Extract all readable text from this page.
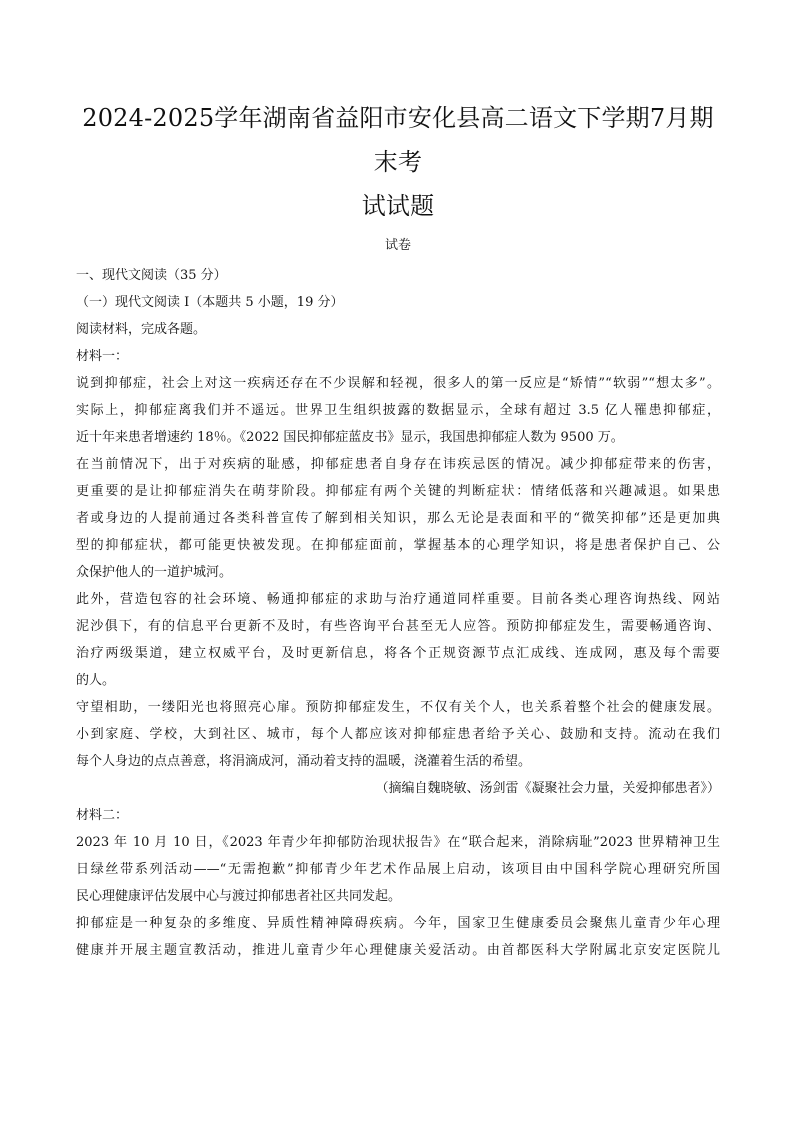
2024-2025学年湖南省益阳市安化县高二语文下学期7月期末考
试试题
试卷
一、现代文阅读（35 分）
（一）现代文阅读 I（本题共 5 小题，19 分）
阅读材料，完成各题。
材料一：
说到抑郁症，社会上对这一疾病还存在不少误解和轻视，很多人的第一反应是“矫情”“软弱”“想太多”。
实际上，抑郁症离我们并不遥远。世界卫生组织披露的数据显示，全球有超过 3.5 亿人罹患抑郁症，
近十年来患者增速约 18％。《2022 国民抑郁症蓝皮书》显示，我国患抑郁症人数为 9500 万。
在当前情况下，出于对疾病的耻感，抑郁症患者自身存在讳疾忌医的情况。减少抑郁症带来的伤害，
更重要的是让抑郁症消失在萌芽阶段。抑郁症有两个关键的判断症状：情绪低落和兴趣减退。如果患
者或身边的人提前通过各类科普宣传了解到相关知识，那么无论是表面和平的“微笑抑郁”还是更加典
型的抑郁症状，都可能更快被发现。在抑郁症面前，掌握基本的心理学知识，将是患者保护自己、公
众保护他人的一道护城河。
此外，营造包容的社会环境、畅通抑郁症的求助与治疗通道同样重要。目前各类心理咨询热线、网站
泥沙俱下，有的信息平台更新不及时，有些咨询平台甚至无人应答。预防抑郁症发生，需要畅通咨询、
治疗两级渠道，建立权威平台，及时更新信息，将各个正规资源节点汇成线、连成网，惠及每个需要
的人。
守望相助，一缕阳光也将照亮心扉。预防抑郁症发生，不仅有关个人，也关系着整个社会的健康发展。
小到家庭、学校，大到社区、城市，每个人都应该对抑郁症患者给予关心、鼓励和支持。流动在我们
每个人身边的点点善意，将涓滴成河，涌动着支持的温暖，浇灌着生活的希望。
（摘编自魏晓敏、汤剑雷《凝聚社会力量，关爱抑郁患者》）
材料二：
2023 年 10 月 10 日，《2023 年青少年抑郁防治现状报告》在“联合起来，消除病耻”2023 世界精神卫生
日绿丝带系列活动——“无需抱歉”抑郁青少年艺术作品展上启动，该项目由中国科学院心理研究所国
民心理健康评估发展中心与渡过抑郁患者社区共同发起。
抑郁症是一种复杂的多维度、异质性精神障碍疾病。今年，国家卫生健康委员会聚焦儿童青少年心理
健康并开展主题宣教活动，推进儿童青少年心理健康关爱活动。由首都医科大学附属北京安定医院儿
